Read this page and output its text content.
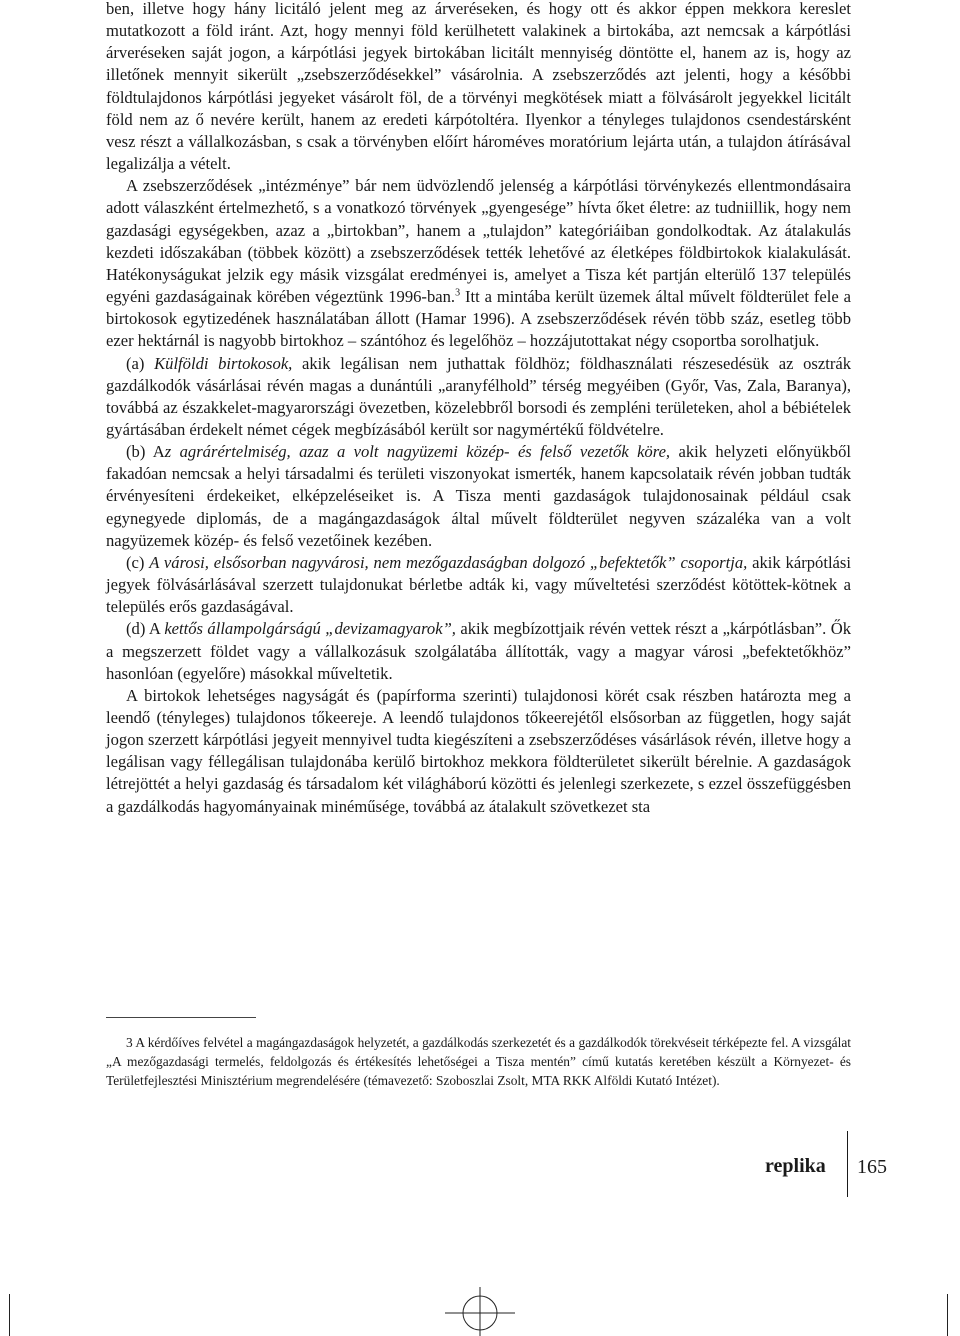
ben, illetve hogy hány licitáló jelent meg az árveréseken, és hogy ott és akkor éppen mekkora kereslet mutatkozott a föld iránt. Azt, hogy mennyi föld kerülhetett valakinek a birtokába, azt nemcsak a kárpótlási árveréseken saját jogon, a kárpótlási jegyek birtokában licitált mennyiség döntötte el, hanem az is, hogy az illetőnek mennyit sikerült „zsebszerződésekkel” vásárolnia. A zsebszerződés azt jelenti, hogy a későbbi földtulajdonos kárpótlási jegyeket vásárolt föl, de a törvényi megkötések miatt a fölvásárolt jegyekkel licitált föld nem az ő nevére került, hanem az eredeti kárpótoltéra. Ilyenkor a tényleges tulajdonos csendestársként vesz részt a vállalkozásban, s csak a törvényben előírt hároméves moratórium lejárta után, a tulajdon átírásával legalizálja a vételt.

A zsebszerződések „intézménye” bár nem üdvözlendő jelenség a kárpótlási törvénykezés ellentmondásaira adott válaszként értelmezhető, s a vonatkozó törvények „gyengesége” hívta őket életre: az tudniillik, hogy nem gazdasági egységekben, azaz a „birtokban”, hanem a „tulajdon” kategóriáiban gondolkodtak. Az átalakulás kezdeti időszakában (többek között) a zsebszerződések tették lehetővé az életképes földbirtokok kialakulását. Hatékonyságukat jelzik egy másik vizsgálat eredményei is, amelyet a Tisza két partján elterülő 137 település egyéni gazdaságainak körében végeztünk 1996-ban.$^3$ Itt a mintába került üzemek által művelt földterület fele a birtokosok egytizedének használatában állott (Hamar 1996). A zsebszerződések révén több száz, esetleg több ezer hektárnál is nagyobb birtokhoz – szántóhoz és legelőhöz – hozzájutottakat négy csoportba sorolhatjuk.

(a) Külföldi birtokosok, akik legálisan nem juthattak földhöz; földhasználati részesedésük az osztrák gazdálkodók vásárlásai révén magas a dunántúli „aranyfélhold” térség megyéiben (Győr, Vas, Zala, Baranya), továbbá az északkelet-magyarországi övezetben, közelebbről borsodi és zempléni területeken, ahol a bébiételek gyártásában érdekelt német cégek megbízásából került sor nagymértékű földvételre.

(b) Az agrárértelmiség, azaz a volt nagyüzemi közép- és felső vezetők köre, akik helyzeti előnyükből fakadóan nemcsak a helyi társadalmi és területi viszonyokat ismerték, hanem kapcsolataik révén jobban tudták érvényesíteni érdekeiket, elképzeléseiket is. A Tisza menti gazdaságok tulajdonosainak például csak egynegyede diplomás, de a magángazdaságok által művelt földterület negyven százaléka van a volt nagyüzemek közép- és felső vezetőinek kezében.

(c) A városi, elsősorban nagyvárosi, nem mezőgazdaságban dolgozó „befektetők” csoportja, akik kárpótlási jegyek fölvásárlásával szerzett tulajdonukat bérletbe adták ki, vagy műveltetési szerződést kötöttek-kötnek a település erős gazdaságával.

(d) A kettős állampolgárságú „devizamagyarok”, akik megbízottjaik révén vettek részt a „kárpótlásban”. Ők a megszerzett földet vagy a vállalkozásuk szolgálatába állították, vagy a magyar városi „befektetőkhöz” hasonlóan (egyelőre) másokkal műveltetik.

A birtokok lehetséges nagyságát és (papírforma szerinti) tulajdonosi körét csak részben határozta meg a leendő (tényleges) tulajdonos tőkeereje. A leendő tulajdonos tőkeerejétől elsősorban az független, hogy saját jogon szerzett kárpótlási jegyeit mennyivel tudta kiegészíteni a zsebszerződéses vásárlások révén, illetve hogy a legálisan vagy féllegálisan tulajdonába kerülő birtokhoz mekkora földterületet sikerült bérelnie. A gazdaságok létrejöttét a helyi gazdaság és társadalom két világháború közötti és jelenlegi szerkezete, s ezzel összefüggésben a gazdálkodás hagyományainak minéműsége, továbbá az átalakult szövetkezet sta

3 A kérdőíves felvétel a magángazdaságok helyzetét, a gazdálkodás szerkezetét és a gazdálkodók törekvéseit térképezte fel. A vizsgálat „A mezőgazdasági termelés, feldolgozás és értékesítés lehetőségei a Tisza mentén” című kutatás keretében készült a Környezet- és Területfejlesztési Minisztérium megrendelésére (témavezető: Szoboszlai Zsolt, MTA RKK Alföldi Kutató Intézet).

replika 165
